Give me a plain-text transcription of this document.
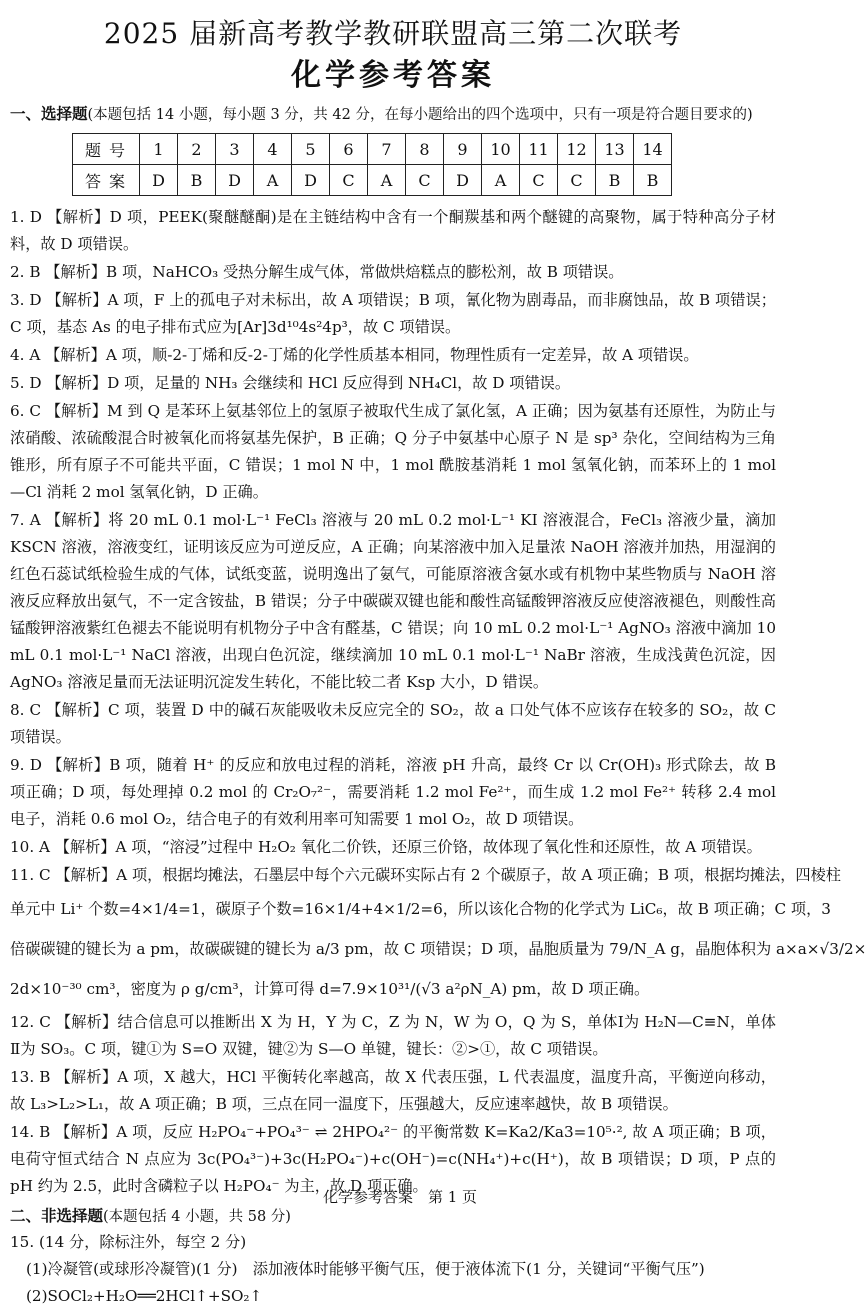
2025 届新高考教学教研联盟高三第二次联考
化学参考答案
一、选择题(本题包括 14 小题，每小题 3 分，共 42 分，在每小题给出的四个选项中，只有一项是符合题目要求的)
题号	1	2	3	4	5	6	7	8	9	10	11	12	13	14
答案	D	B	D	A	D	C	A	C	D	A	C	C	B	B
1. D 【解析】D 项，PEEK(聚醚醚酮)是在主链结构中含有一个酮羰基和两个醚键的高聚物，属于特种高分子材料，故 D 项错误。
2. B 【解析】B 项，NaHCO₃ 受热分解生成气体，常做烘焙糕点的膨松剂，故 B 项错误。
3. D 【解析】A 项，F 上的孤电子对未标出，故 A 项错误；B 项，氰化物为剧毒品，而非腐蚀品，故 B 项错误；C 项，基态 As 的电子排布式应为[Ar]3d¹⁰4s²4p³，故 C 项错误。
4. A 【解析】A 项，顺-2-丁烯和反-2-丁烯的化学性质基本相同，物理性质有一定差异，故 A 项错误。
5. D 【解析】D 项，足量的 NH₃ 会继续和 HCl 反应得到 NH₄Cl，故 D 项错误。
6. C 【解析】M 到 Q 是苯环上氨基邻位上的氢原子被取代生成了氯化氢，A 正确；因为氨基有还原性，为防止与浓硝酸、浓硫酸混合时被氧化而将氨基先保护，B 正确；Q 分子中氨基中心原子 N 是 sp³ 杂化，空间结构为三角锥形，所有原子不可能共平面，C 错误；1 mol N 中，1 mol 酰胺基消耗 1 mol 氢氧化钠，而苯环上的 1 mol —Cl 消耗 2 mol 氢氧化钠，D 正确。
7. A 【解析】将 20 mL 0.1 mol·L⁻¹ FeCl₃ 溶液与 20 mL 0.2 mol·L⁻¹ KI 溶液混合，FeCl₃ 溶液少量，滴加 KSCN 溶液，溶液变红，证明该反应为可逆反应，A 正确；向某溶液中加入足量浓 NaOH 溶液并加热，用湿润的红色石蕊试纸检验生成的气体，试纸变蓝，说明逸出了氨气，可能原溶液含氨水或有机物中某些物质与 NaOH 溶液反应释放出氨气，不一定含铵盐，B 错误；分子中碳碳双键也能和酸性高锰酸钾溶液反应使溶液褪色，则酸性高锰酸钾溶液紫红色褪去不能说明有机物分子中含有醛基，C 错误；向 10 mL 0.2 mol·L⁻¹ AgNO₃ 溶液中滴加 10 mL 0.1 mol·L⁻¹ NaCl 溶液，出现白色沉淀，继续滴加 10 mL 0.1 mol·L⁻¹ NaBr 溶液，生成浅黄色沉淀，因 AgNO₃ 溶液足量而无法证明沉淀发生转化，不能比较二者 Ksp 大小，D 错误。
8. C 【解析】C 项，装置 D 中的碱石灰能吸收未反应完全的 SO₂，故 a 口处气体不应该存在较多的 SO₂，故 C 项错误。
9. D 【解析】B 项，随着 H⁺ 的反应和放电过程的消耗，溶液 pH 升高，最终 Cr 以 Cr(OH)₃ 形式除去，故 B 项正确；D 项，每处理掉 0.2 mol 的 Cr₂O₇²⁻，需要消耗 1.2 mol Fe²⁺，而生成 1.2 mol Fe²⁺ 转移 2.4 mol 电子，消耗 0.6 mol O₂，结合电子的有效利用率可知需要 1 mol O₂，故 D 项错误。
10. A 【解析】A 项，“溶浸”过程中 H₂O₂ 氧化二价铁，还原三价铬，故体现了氧化性和还原性，故 A 项错误。
11. C 【解析】A 项，根据均摊法，石墨层中每个六元碳环实际占有 2 个碳原子，故 A 项正确；B 项，根据均摊法，四棱柱
单元中 Li⁺ 个数=4×1/4=1，碳原子个数=16×1/4+4×1/2=6，所以该化合物的化学式为 LiC₆，故 B 项正确；C 项，3
倍碳碳键的键长为 a pm，故碳碳键的键长为 a/3 pm，故 C 项错误；D 项，晶胞质量为 79/N_A g，晶胞体积为 a×a×√3/2×
2d×10⁻³⁰ cm³，密度为 ρ g/cm³，计算可得 d=7.9×10³¹/(√3 a²ρN_A) pm，故 D 项正确。
12. C 【解析】结合信息可以推断出 X 为 H，Y 为 C，Z 为 N，W 为 O，Q 为 S，单体Ⅰ为 H₂N—C≡N，单体Ⅱ为 SO₃。C 项，键①为 S=O 双键，键②为 S—O 单键，键长：②>①，故 C 项错误。
13. B 【解析】A 项，X 越大，HCl 平衡转化率越高，故 X 代表压强，L 代表温度，温度升高，平衡逆向移动，故 L₃>L₂>L₁，故 A 项正确；B 项，三点在同一温度下，压强越大，反应速率越快，故 B 项错误。
14. B 【解析】A 项，反应 H₂PO₄⁻+PO₄³⁻ ⇌ 2HPO₄²⁻ 的平衡常数 K=Ka2/Ka3=10⁵·², 故 A 项正确；B 项，电荷守恒式结合 N 点应为 3c(PO₄³⁻)+3c(H₂PO₄⁻)+c(OH⁻)=c(NH₄⁺)+c(H⁺)，故 B 项错误；D 项，P 点的 pH 约为 2.5，此时含磷粒子以 H₂PO₄⁻ 为主，故 D 项正确。
二、非选择题(本题包括 4 小题，共 58 分)
15. (14 分，除标注外，每空 2 分)
(1)冷凝管(或球形冷凝管)(1 分)　添加液体时能够平衡气压，便于液体流下(1 分，关键词“平衡气压”)
(2)SOCl₂+H₂O══2HCl↑+SO₂↑
化学参考答案　第 1 页
